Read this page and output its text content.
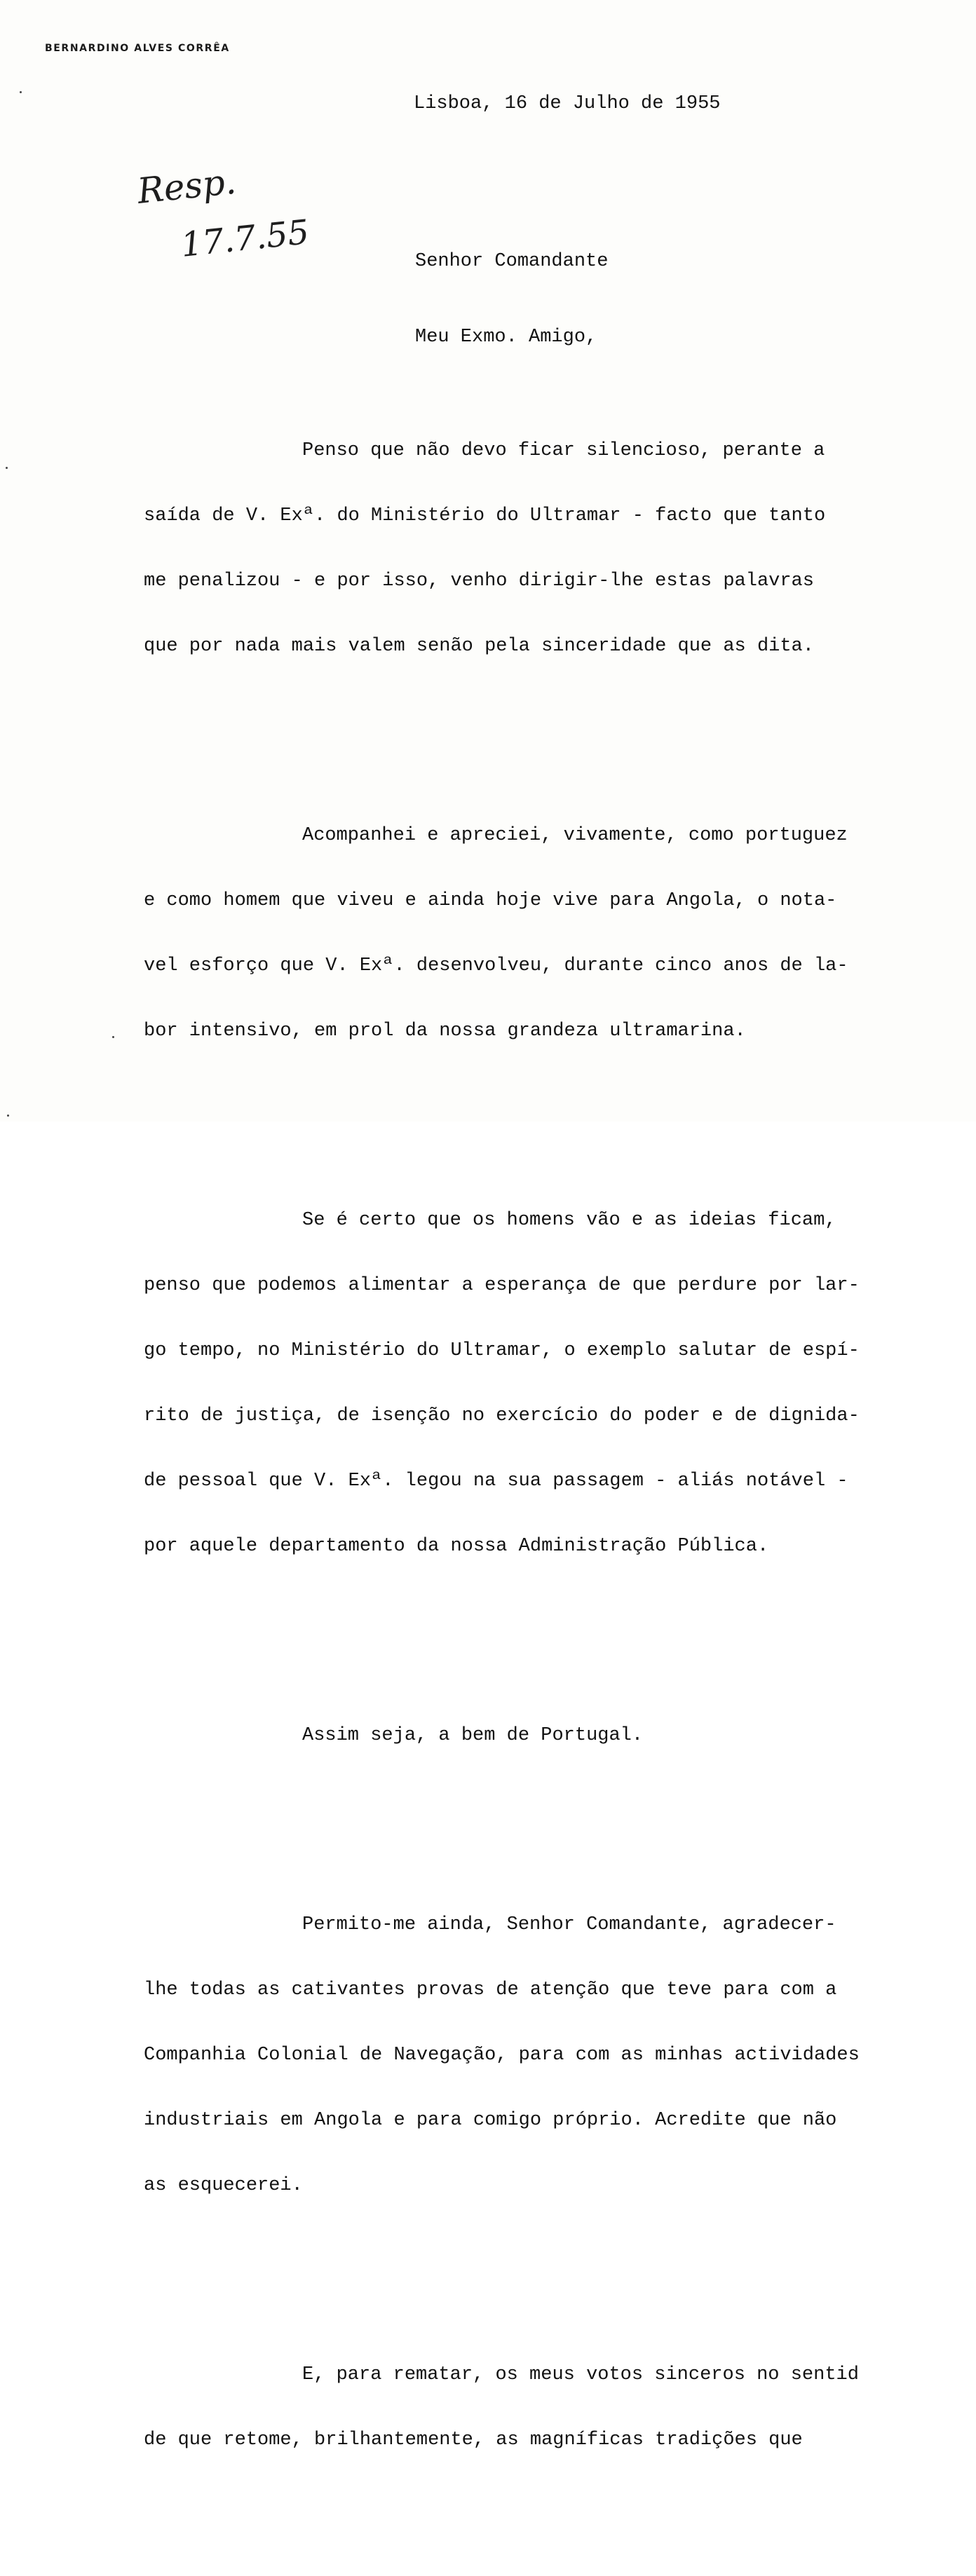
BERNARDINO ALVES CORRÊA
Lisboa, 16 de Julho de 1955
Resp.
17.7.55

	Senhor Comandante

Meu Exmo. Amigo,

Penso que não devo ficar silencioso, perante a

saída de V. Exª. do Ministério do Ultramar - facto que tanto

me penalizou - e por isso, venho dirigir-lhe estas palavras

que por nada mais valem senão pela sinceridade que as dita.

Acompanhei e apreciei, vivamente, como portuguez

e como homem que viveu e ainda hoje vive para Angola, o nota-

vel esforço que V. Exª. desenvolveu, durante cinco anos de la-

bor intensivo, em prol da nossa grandeza ultramarina.

Se é certo que os homens vão e as ideias ficam,

penso que podemos alimentar a esperança de que perdure por lar-

go tempo, no Ministério do Ultramar, o exemplo salutar de espí-

rito de justiça, de isenção no exercício do poder e de dignida-

de pessoal que V. Exª. legou na sua passagem - aliás notável -

por aquele departamento da nossa Administração Pública.

Assim seja, a bem de Portugal.

Permito-me ainda, Senhor Comandante, agradecer-

lhe todas as cativantes provas de atenção que teve para com a

Companhia Colonial de Navegação, para com as minhas actividades

industriais em Angola e para comigo próprio. Acredite que não

as esquecerei.

E, para rematar, os meus votos sinceros no sentid

de que retome, brilhantemente, as magníficas tradições que
